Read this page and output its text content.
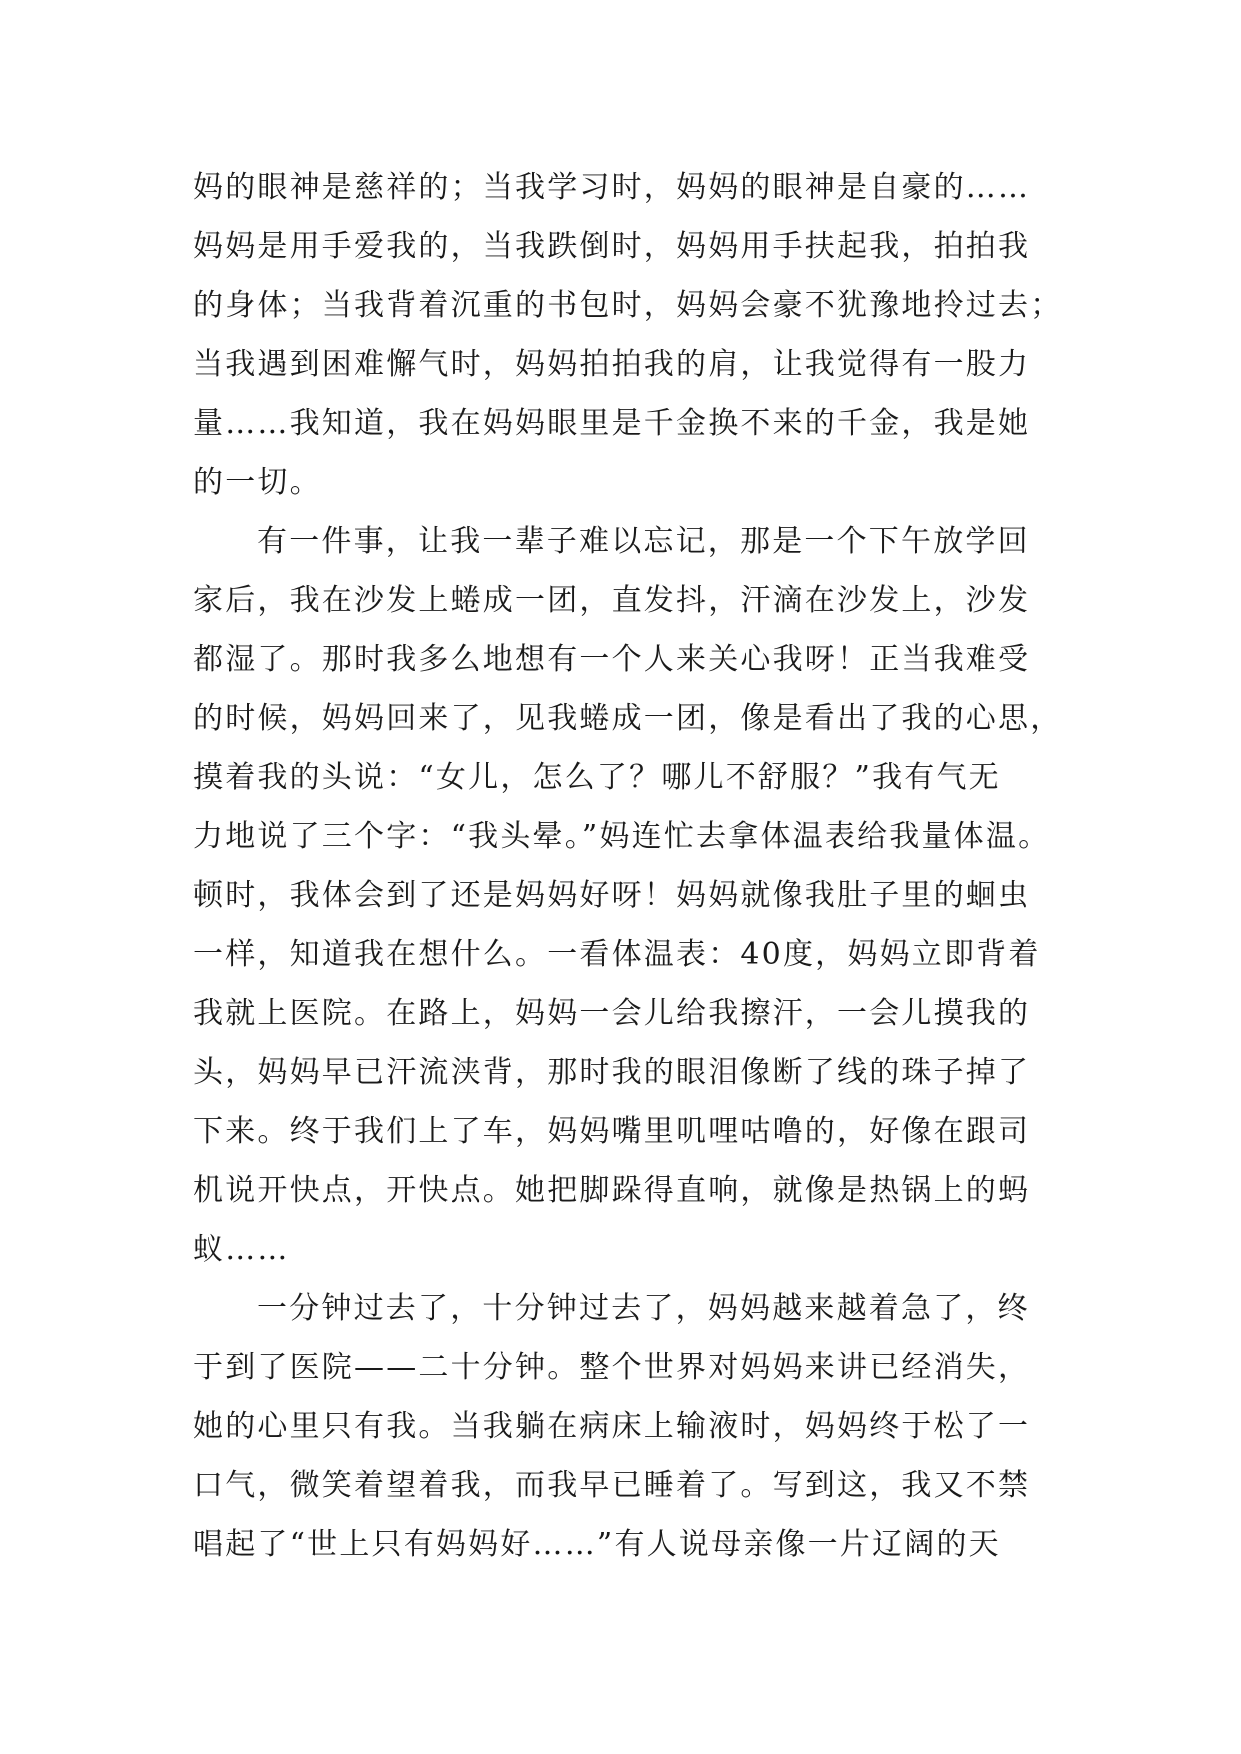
妈的眼神是慈祥的；当我学习时，妈妈的眼神是自豪的……
妈妈是用手爱我的，当我跌倒时，妈妈用手扶起我，拍拍我
的身体；当我背着沉重的书包时，妈妈会豪不犹豫地拎过去；
当我遇到困难懈气时，妈妈拍拍我的肩，让我觉得有一股力
量……我知道，我在妈妈眼里是千金换不来的千金，我是她
的一切。
有一件事，让我一辈子难以忘记，那是一个下午放学回
家后，我在沙发上蜷成一团，直发抖，汗滴在沙发上，沙发
都湿了。那时我多么地想有一个人来关心我呀！正当我难受
的时候，妈妈回来了，见我蜷成一团，像是看出了我的心思，
摸着我的头说：“女儿，怎么了？哪儿不舒服？”我有气无
力地说了三个字：“我头晕。”妈连忙去拿体温表给我量体温。
顿时，我体会到了还是妈妈好呀！妈妈就像我肚子里的蛔虫
一样，知道我在想什么。一看体温表：40度，妈妈立即背着
我就上医院。在路上，妈妈一会儿给我擦汗，一会儿摸我的
头，妈妈早已汗流浃背，那时我的眼泪像断了线的珠子掉了
下来。终于我们上了车，妈妈嘴里叽哩咕噜的，好像在跟司
机说开快点，开快点。她把脚跺得直响，就像是热锅上的蚂
蚁……
一分钟过去了，十分钟过去了，妈妈越来越着急了，终
于到了医院——二十分钟。整个世界对妈妈来讲已经消失，
她的心里只有我。当我躺在病床上输液时，妈妈终于松了一
口气，微笑着望着我，而我早已睡着了。写到这，我又不禁
唱起了“世上只有妈妈好……”有人说母亲像一片辽阔的天
